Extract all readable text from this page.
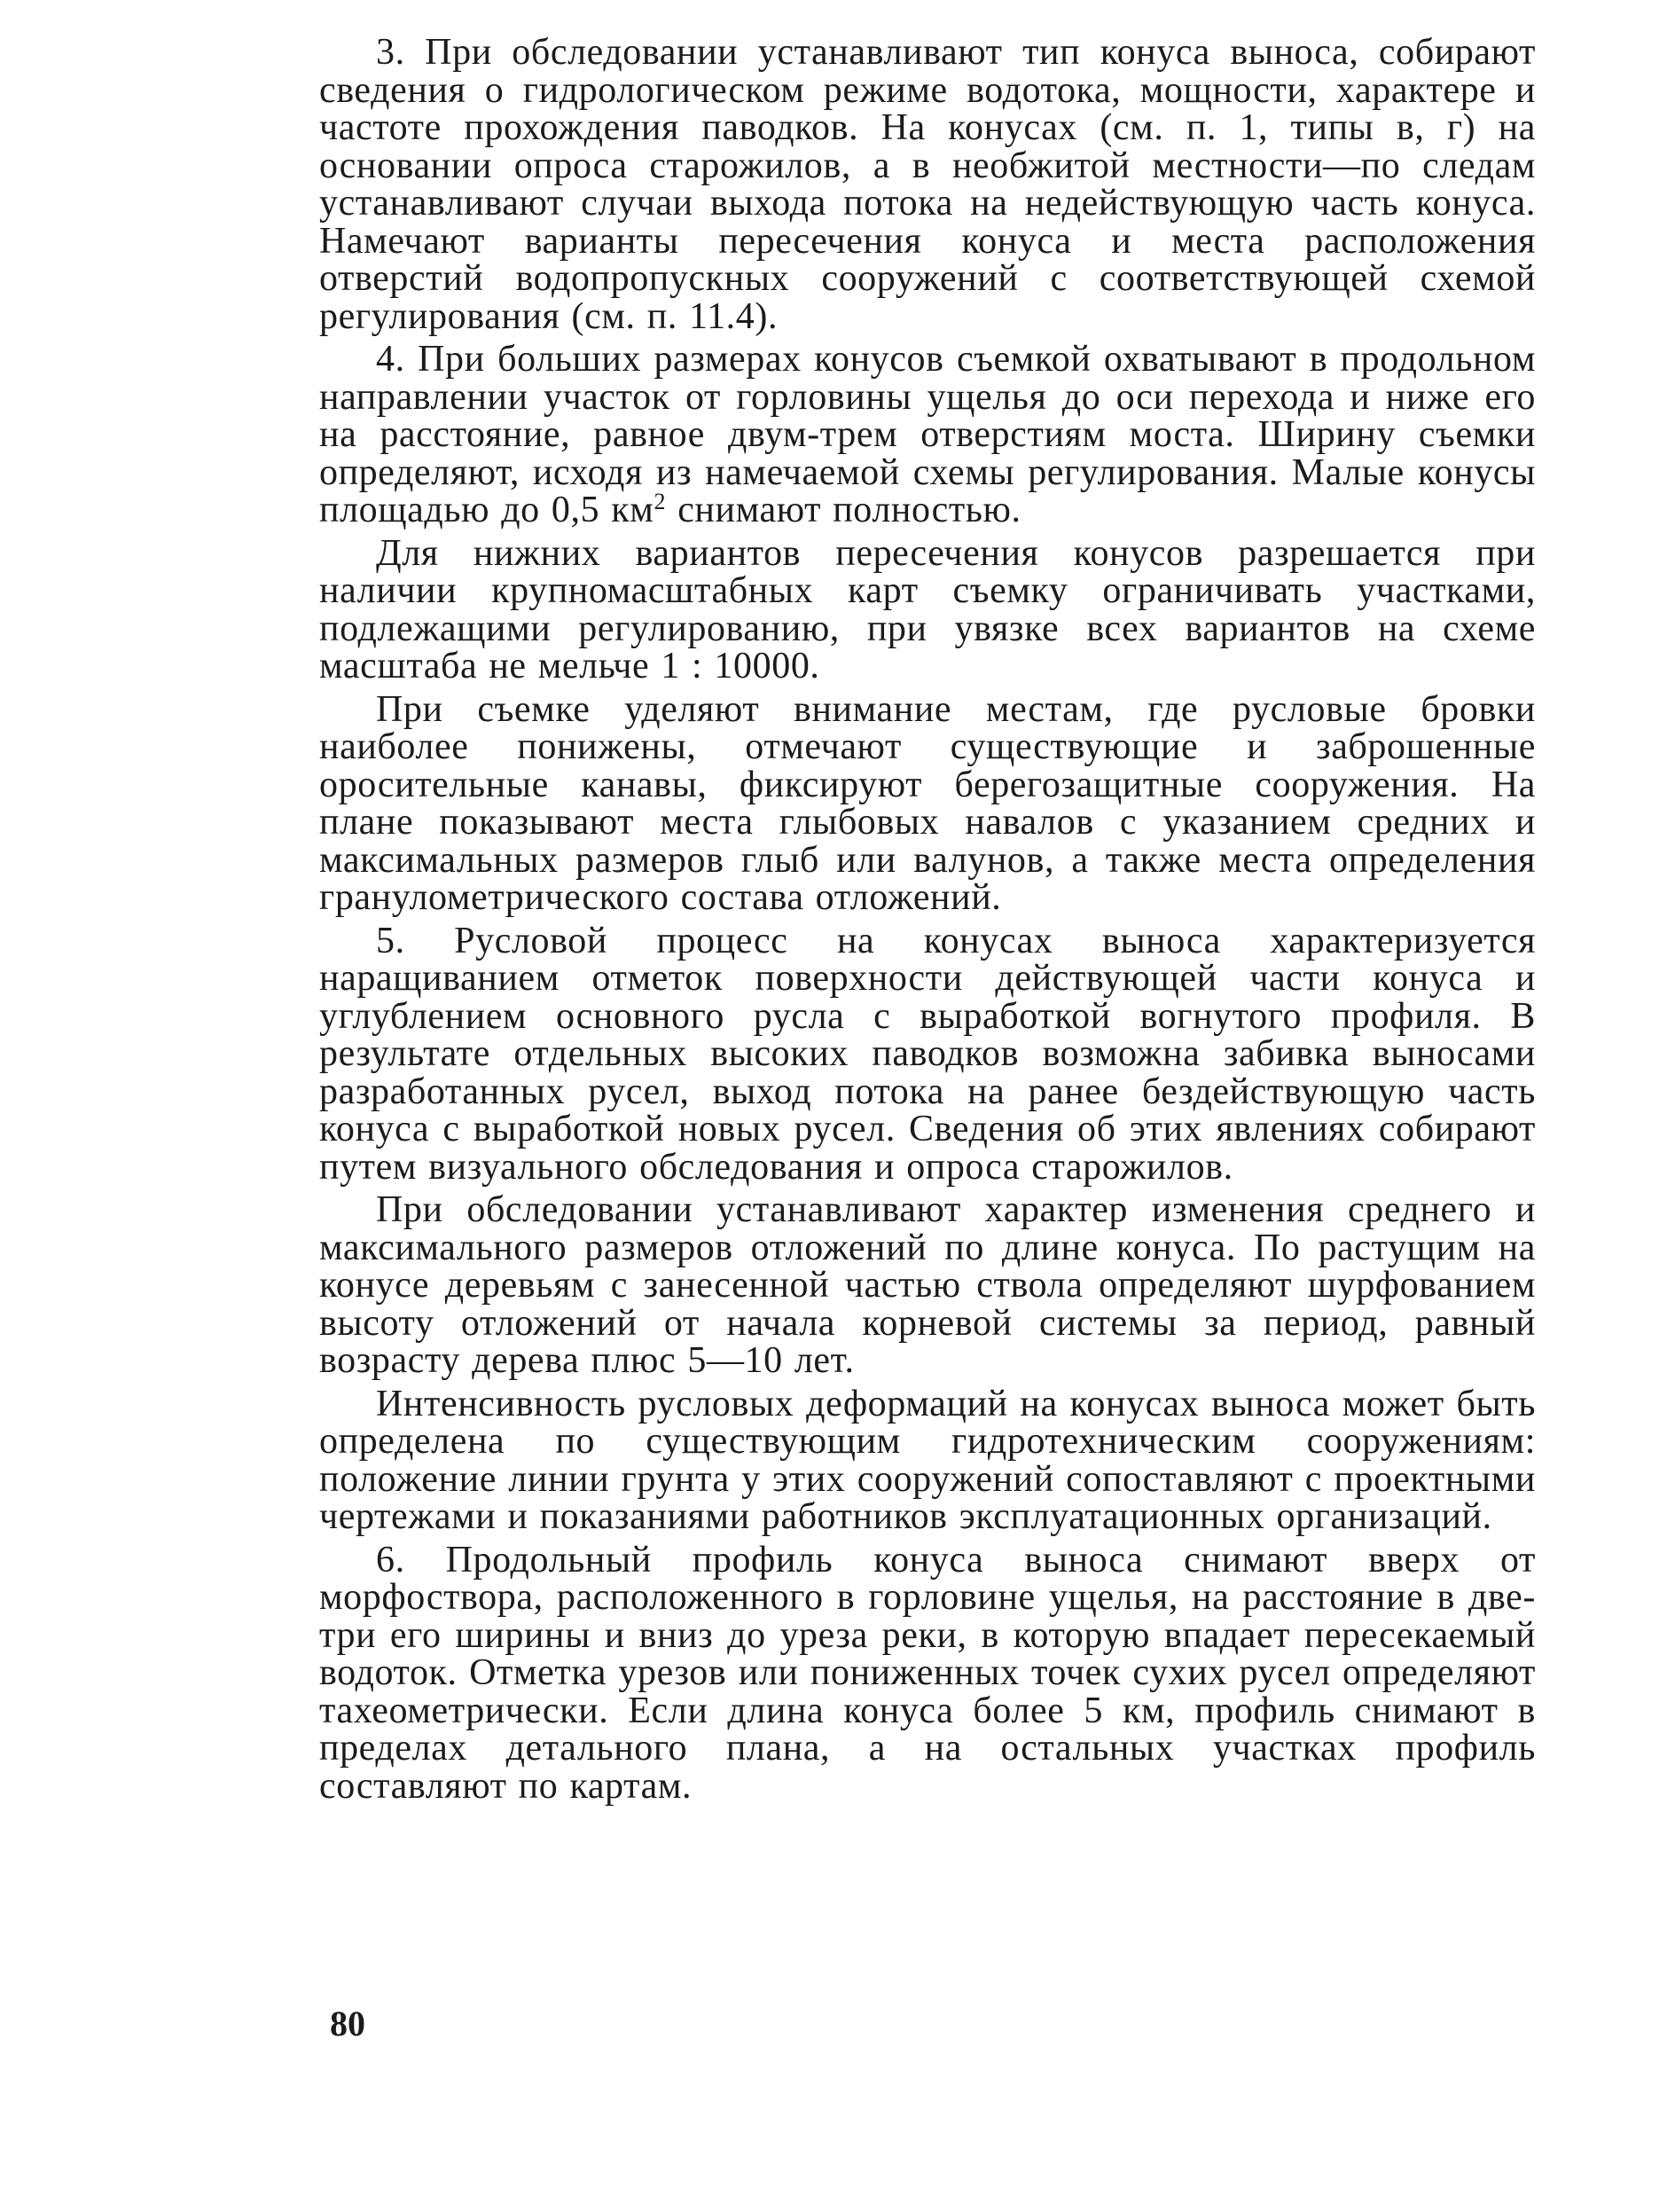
3. При обследовании устанавливают тип конуса выноса, собирают сведения о гидрологическом режиме водотока, мощности, характере и частоте прохождения паводков. На конусах (см. п. 1, типы в, г) на основании опроса старожилов, а в необжитой местности—по следам устанавливают случаи выхода потока на недействующую часть конуса. Намечают варианты пересечения конуса и места расположения отверстий водопропускных сооружений с соответствующей схемой регулирования (см. п. 11.4).

4. При больших размерах конусов съемкой охватывают в продольном направлении участок от горловины ущелья до оси перехода и ниже его на расстояние, равное двум-трем отверстиям моста. Ширину съемки определяют, исходя из намечаемой схемы регулирования. Малые конусы площадью до 0,5 $км^2$ снимают полностью.

Для нижних вариантов пересечения конусов разрешается при наличии крупномасштабных карт съемку ограничивать участками, подлежащими регулированию, при увязке всех вариантов на схеме масштаба не мельче 1 : 10000.

При съемке уделяют внимание местам, где русловые бровки наиболее понижены, отмечают существующие и заброшенные оросительные канавы, фиксируют берегозащитные сооружения. На плане показывают места глыбовых навалов с указанием средних и максимальных размеров глыб или валунов, а также места определения гранулометрического состава отложений.

5. Русловой процесс на конусах выноса характеризуется наращиванием отметок поверхности действующей части конуса и углублением основного русла с выработкой вогнутого профиля. В результате отдельных высоких паводков возможна забивка выносами разработанных русел, выход потока на ранее бездействующую часть конуса с выработкой новых русел. Сведения об этих явлениях собирают путем визуального обследования и опроса старожилов.

При обследовании устанавливают характер изменения среднего и максимального размеров отложений по длине конуса. По растущим на конусе деревьям с занесенной частью ствола определяют шурфованием высоту отложений от начала корневой системы за период, равный возрасту дерева плюс 5—10 лет.

Интенсивность русловых деформаций на конусах выноса может быть определена по существующим гидротехническим сооружениям: положение линии грунта у этих сооружений сопоставляют с проектными чертежами и показаниями работников эксплуатационных организаций.

6. Продольный профиль конуса выноса снимают вверх от морфоствора, расположенного в горловине ущелья, на расстояние в две-три его ширины и вниз до уреза реки, в которую впадает пересекаемый водоток. Отметка урезов или пониженных точек сухих русел определяют тахеометрически. Если длина конуса более 5 км, профиль снимают в пределах детального плана, а на остальных участках профиль составляют по картам.

80
